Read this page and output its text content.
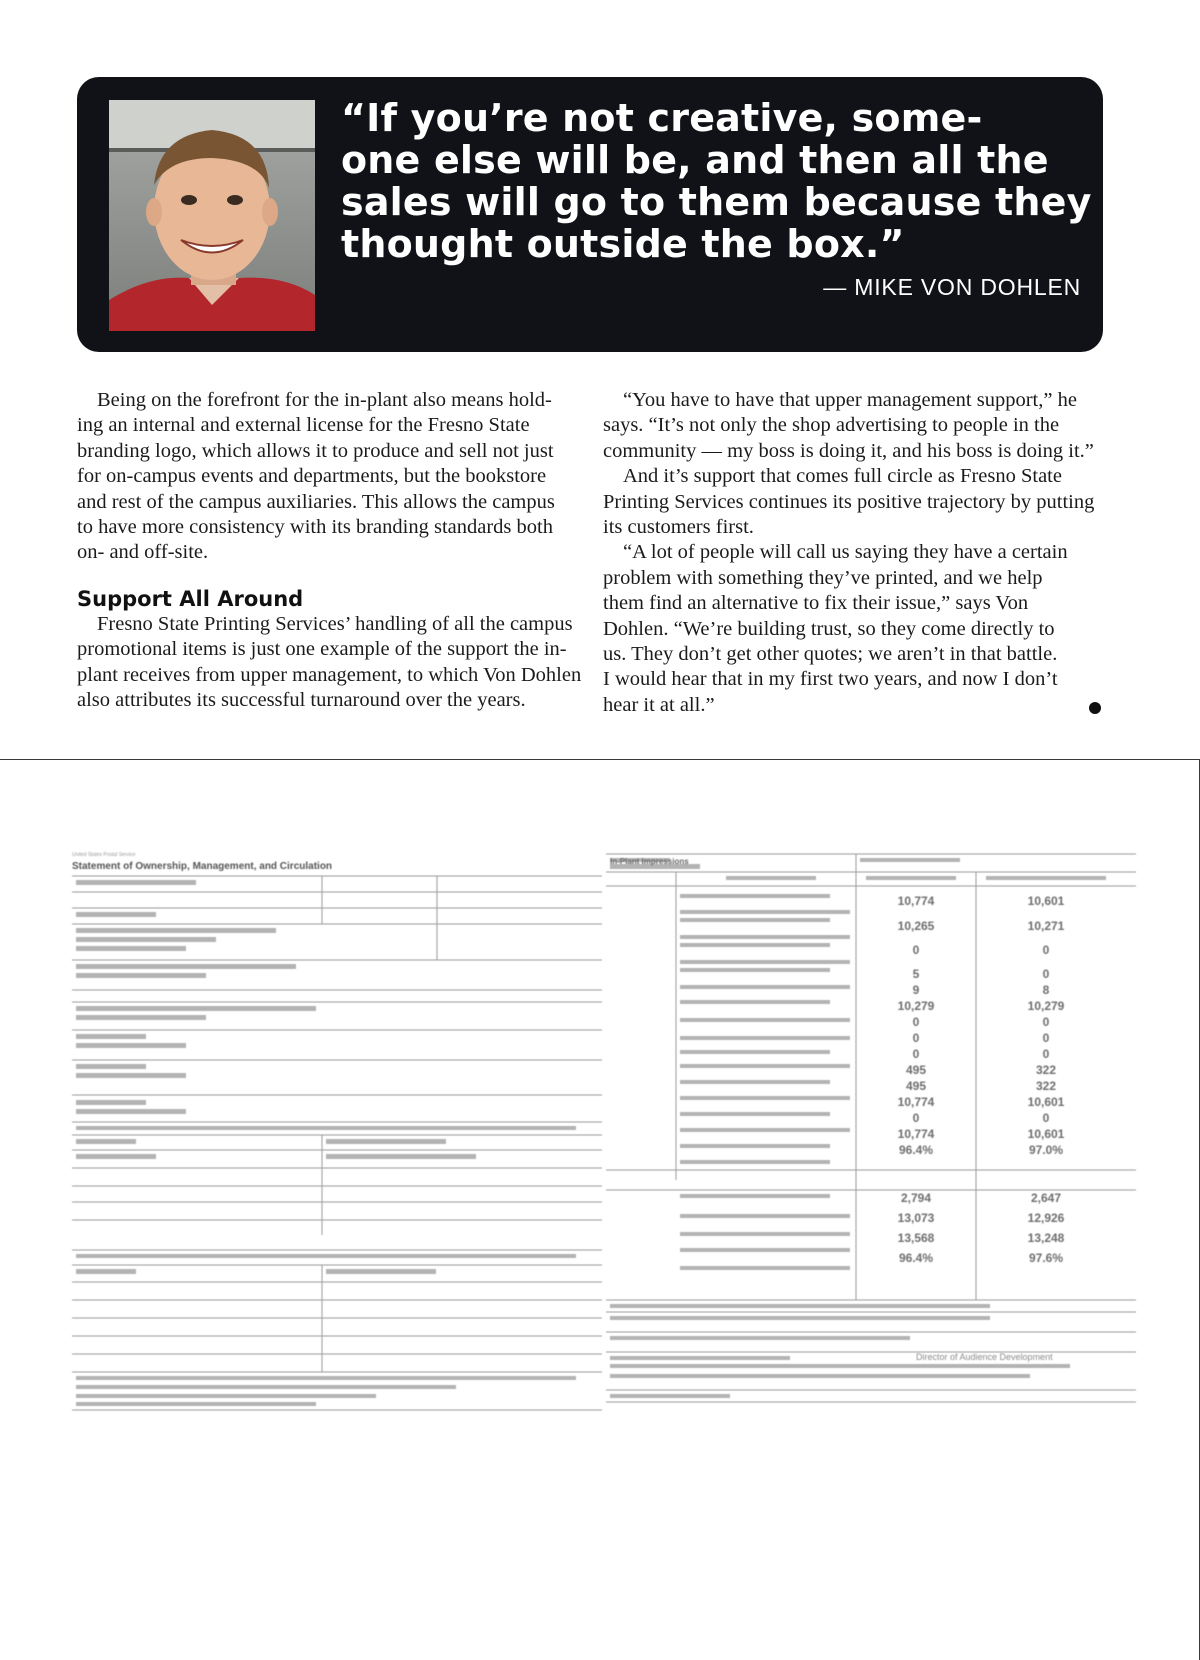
“If you’re not creative, some-
one else will be, and then all the
sales will go to them because they
thought outside the box.”

— MIKE VON DOHLEN

Being on the forefront for the in-plant also means hold-
ing an internal and external license for the Fresno State
branding logo, which allows it to produce and sell not just
for on-campus events and departments, but the bookstore
and rest of the campus auxiliaries. This allows the campus
to have more consistency with its branding standards both
on- and off-site.

Support All Around

Fresno State Printing Services’ handling of all the campus
promotional items is just one example of the support the in-
plant receives from upper management, to which Von Dohlen
also attributes its successful turnaround over the years.

“You have to have that upper management support,” he
says. “It’s not only the shop advertising to people in the
community — my boss is doing it, and his boss is doing it.”

And it’s support that comes full circle as Fresno State
Printing Services continues its positive trajectory by putting
its customers first.

“A lot of people will call us saying they have a certain
problem with something they’ve printed, and we help
them find an alternative to fix their issue,” says Von
Dohlen. “We’re building trust, so they come directly to
us. They don’t get other quotes; we aren’t in that battle.
I would hear that in my first two years, and now I don’t
hear it at all.”

United States Postal Service
Statement of Ownership, Management, and Circulation
10,774
10,265
0
5
9
10,279
0
0
0
495
495
10,774
0
10,774
96.4%
2,794
13,073
13,568
96.4%
10,601
10,271
0
0
8
10,279
0
0
0
322
322
10,601
0
10,601
97.0%
2,647
12,926
13,248
97.6%
Director of Audience Development
In-Plant Impressions
